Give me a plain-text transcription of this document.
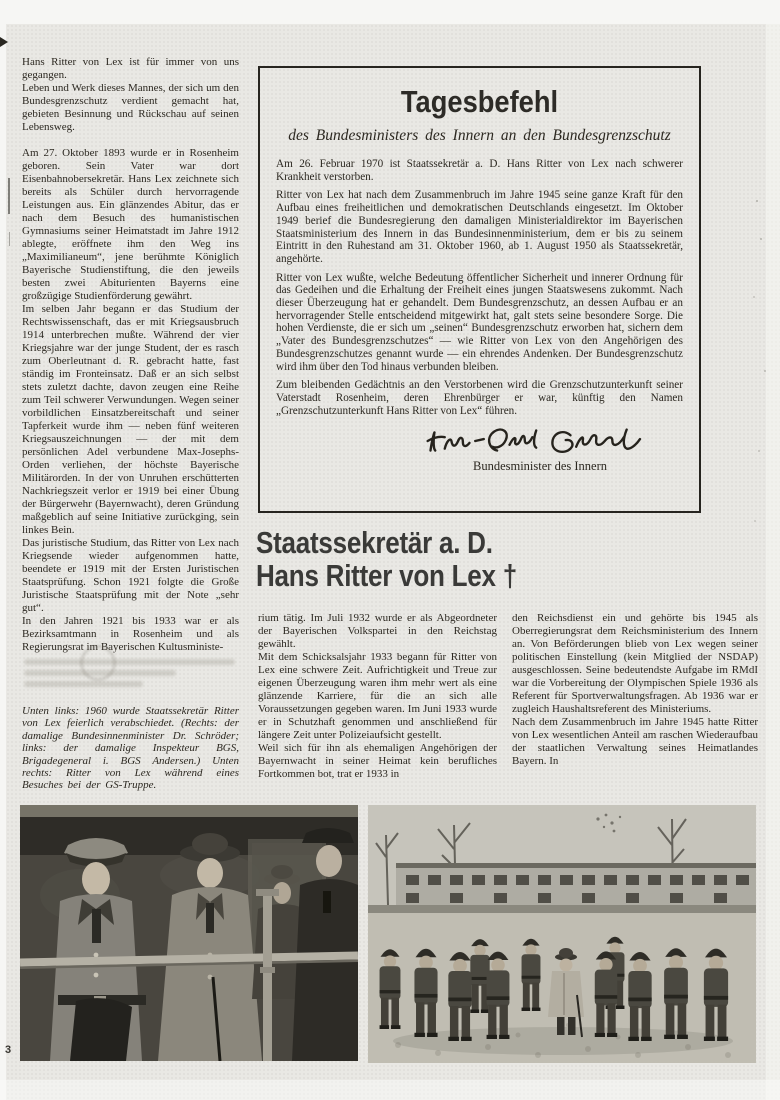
Hans Ritter von Lex ist für immer von uns gegangen.

Leben und Werk dieses Mannes, der sich um den Bundesgrenzschutz verdient gemacht hat, gebieten Besinnung und Rückschau auf seinen Lebensweg.

Am 27. Oktober 1893 wurde er in Rosenheim geboren. Sein Vater war dort Eisenbahnobersekretär. Hans Lex zeichnete sich bereits als Schüler durch hervorragende Leistungen aus. Ein glänzendes Abitur, das er nach dem Besuch des humanistischen Gymnasiums seiner Heimatstadt im Jahre 1912 ablegte, eröffnete ihm den Weg ins „Maximilianeum“, jene berühmte Königlich Bayerische Studienstiftung, die den jeweils besten zwei Abiturienten Bayerns eine großzügige Studienförderung gewährt.

Im selben Jahr begann er das Studium der Rechtswissenschaft, das er mit Kriegsausbruch 1914 unterbrechen mußte. Während der vier Kriegsjahre war der junge Student, der es rasch zum Oberleutnant d. R. gebracht hatte, fast ständig im Fronteinsatz. Daß er an sich selbst stets zuletzt dachte, davon zeugen eine Reihe zum Teil schwerer Verwundungen. Wegen seiner vorbildlichen Einsatzbereitschaft und seiner Tapferkeit wurde ihm — neben fünf weiteren Kriegsauszeichnungen — der mit dem persönlichen Adel verbundene Max-Josephs-Orden verliehen, der höchste Bayerische Militärorden. In der von Unruhen erschütterten Nachkriegszeit verlor er 1919 bei einer Übung der Bürgerwehr (Bayernwacht), deren Gründung maßgeblich auf seine Initiative zurückging, sein linkes Bein.

Das juristische Studium, das Ritter von Lex nach Kriegsende wieder aufgenommen hatte, beendete er 1919 mit der Ersten Juristischen Staatsprüfung. Schon 1921 folgte die Große Juristische Staatsprüfung mit der Note „sehr gut“.

In den Jahren 1921 bis 1933 war er als Bezirksamtmann in Rosenheim und als Regierungsrat im Bayerischen Kultusministe-

Unten links: 1960 wurde Staatssekretär Ritter von Lex feierlich verabschiedet. (Rechts: der damalige Bundesinnenminister Dr. Schröder; links: der damalige Inspekteur BGS, Brigadegeneral i. BGS Andersen.) Unten rechts: Ritter von Lex während eines Besuches bei der GS-Truppe.

Tagesbefehl
des Bundesministers des Innern an den Bundesgrenzschutz

Am 26. Februar 1970 ist Staatssekretär a. D. Hans Ritter von Lex nach schwerer Krankheit verstorben.

Ritter von Lex hat nach dem Zusammenbruch im Jahre 1945 seine ganze Kraft für den Aufbau eines freiheitlichen und demokratischen Deutschlands eingesetzt. Im Oktober 1949 berief die Bundesregierung den damaligen Ministerialdirektor im Bayerischen Staatsministerium des Innern in das Bundesinnenministerium, dem er bis zu seinem Eintritt in den Ruhestand am 31. Oktober 1960, ab 1. August 1950 als Staatssekretär, angehörte.

Ritter von Lex wußte, welche Bedeutung öffentlicher Sicherheit und innerer Ordnung für das Gedeihen und die Erhaltung der Freiheit eines jungen Staatswesens zukommt. Nach dieser Überzeugung hat er gehandelt. Dem Bundesgrenzschutz, an dessen Aufbau er an hervorragender Stelle entscheidend mitgewirkt hat, galt stets seine besondere Sorge. Die hohen Verdienste, die er sich um „seinen“ Bundesgrenzschutz erworben hat, sichern dem „Vater des Bundesgrenzschutzes“ — wie Ritter von Lex von den Angehörigen des Bundesgrenzschutzes genannt wurde — ein ehrendes Andenken. Der Bundesgrenzschutz wird ihm über den Tod hinaus verbunden bleiben.

Zum bleibenden Gedächtnis an den Verstorbenen wird die Grenzschutzunterkunft seiner Vaterstadt Rosenheim, deren Ehrenbürger er war, künftig den Namen „Grenzschutzunterkunft Hans Ritter von Lex“ führen.

Bundesminister des Innern
Staatssekretär a. D.
Hans Ritter von Lex †

rium tätig. Im Juli 1932 wurde er als Abgeordneter der Bayerischen Volkspartei in den Reichstag gewählt.

Mit dem Schicksalsjahr 1933 begann für Ritter von Lex eine schwere Zeit. Aufrichtigkeit und Treue zur eigenen Überzeugung waren ihm mehr wert als eine glänzende Karriere, für die an sich alle Voraussetzungen gegeben waren. Im Juni 1933 wurde er in Schutzhaft genommen und anschließend für längere Zeit unter Polizeiaufsicht gestellt.

Weil sich für ihn als ehemaligen Angehörigen der Bayernwacht in seiner Heimat kein berufliches Fortkommen bot, trat er 1933 in

den Reichsdienst ein und gehörte bis 1945 als Oberregierungsrat dem Reichsministerium des Innern an. Von Beförderungen blieb von Lex wegen seiner politischen Einstellung (kein Mitglied der NSDAP) ausgeschlossen. Seine bedeutendste Aufgabe im RMdI war die Vorbereitung der Olympischen Spiele 1936 als Referent für Sportverwaltungsfragen. Ab 1936 war er zugleich Haushaltsreferent des Ministeriums.

Nach dem Zusammenbruch im Jahre 1945 hatte Ritter von Lex wesentlichen Anteil am raschen Wiederaufbau der staatlichen Verwaltung seines Heimatlandes Bayern. In

3
